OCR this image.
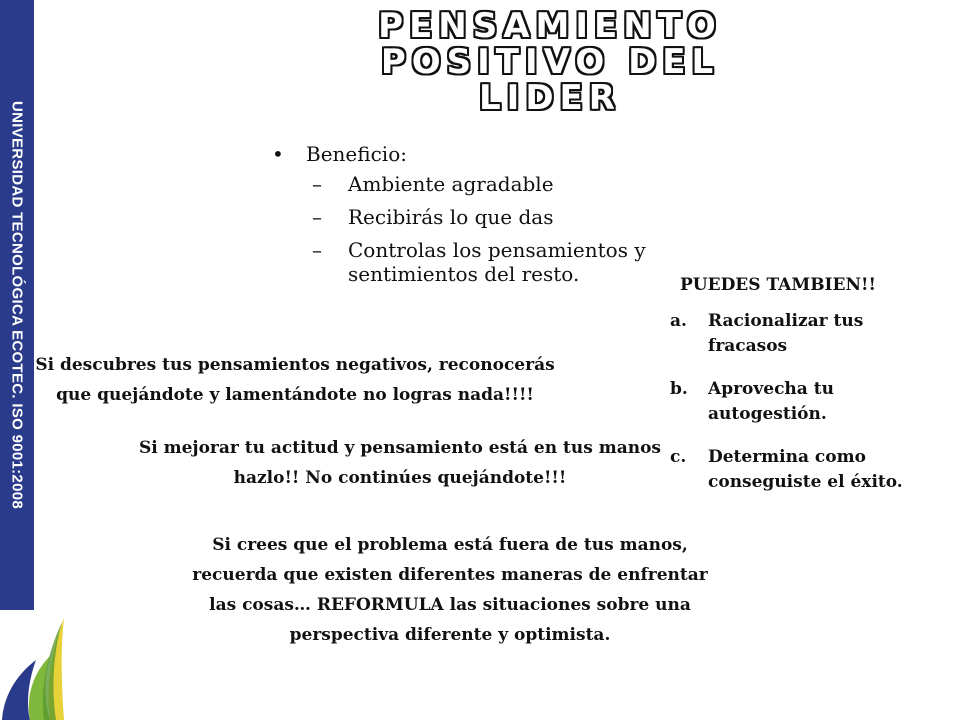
UNIVERSIDAD TECNOLÓGICA ECOTEC. ISO 9001:2008
PENSAMIENTO
POSITIVO DEL
LIDER
•	Beneficio:
–	Ambiente agradable
–	Recibirás lo que das
–	Controlas los pensamientos y sentimientos del resto.	PUEDES TAMBIEN!!
a.	Racionalizar tus fracasos
b.	Aprovecha tu autogestión.
c.	Determina como conseguiste el éxito.
Si descubres tus pensamientos negativos, reconocerás que quejándote y lamentándote no logras nada!!!!
Si mejorar tu actitud y pensamiento está en tus manos hazlo!! No continúes quejándote!!!
Si crees que el problema está fuera de tus manos, recuerda que existen diferentes maneras de enfrentar las cosas… REFORMULA las situaciones sobre una perspectiva diferente y optimista.
